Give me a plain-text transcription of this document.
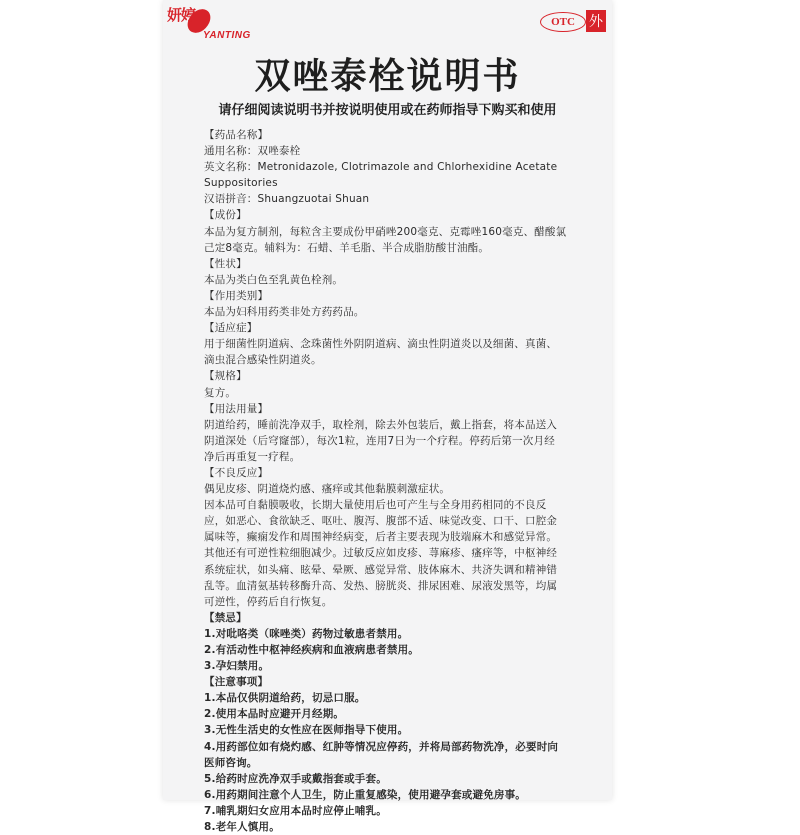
妍婷
YANTING
OTC	外
双唑泰栓说明书
请仔细阅读说明书并按说明使用或在药师指导下购买和使用
【药品名称】
通用名称：双唑泰栓
英文名称：Metronidazole, Clotrimazole and Chlorhexidine Acetate
Suppositories
汉语拼音：Shuangzuotai Shuan
【成份】
本品为复方制剂，每粒含主要成份甲硝唑200毫克、克霉唑160毫克、醋酸氯
己定8毫克。辅料为：石蜡、羊毛脂、半合成脂肪酸甘油酯。
【性状】
本品为类白色至乳黄色栓剂。
【作用类别】
本品为妇科用药类非处方药药品。
【适应症】
用于细菌性阴道病、念珠菌性外阴阴道病、滴虫性阴道炎以及细菌、真菌、
滴虫混合感染性阴道炎。
【规格】
复方。
【用法用量】
阴道给药，睡前洗净双手，取栓剂，除去外包装后，戴上指套，将本品送入
阴道深处（后穹窿部），每次1粒，连用7日为一个疗程。停药后第一次月经
净后再重复一疗程。
【不良反应】
偶见皮疹、阴道烧灼感、瘙痒或其他黏膜刺激症状。
因本品可自黏膜吸收，长期大量使用后也可产生与全身用药相同的不良反
应，如恶心、食欲缺乏、呕吐、腹泻、腹部不适、味觉改变、口干、口腔金
属味等，癫痫发作和周围神经病变，后者主要表现为肢端麻木和感觉异常。
其他还有可逆性粒细胞减少。过敏反应如皮疹、荨麻疹、瘙痒等，中枢神经
系统症状，如头痛、眩晕、晕厥、感觉异常、肢体麻木、共济失调和精神错
乱等。血清氨基转移酶升高、发热、膀胱炎、排尿困难、尿液发黑等，均属
可逆性，停药后自行恢复。
【禁忌】
1.对吡咯类（咪唑类）药物过敏患者禁用。
2.有活动性中枢神经疾病和血液病患者禁用。
3.孕妇禁用。
【注意事项】
1.本品仅供阴道给药，切忌口服。
2.使用本品时应避开月经期。
3.无性生活史的女性应在医师指导下使用。
4.用药部位如有烧灼感、红肿等情况应停药，并将局部药物洗净，必要时向
医师咨询。
5.给药时应洗净双手或戴指套或手套。
6.用药期间注意个人卫生，防止重复感染，使用避孕套或避免房事。
7.哺乳期妇女应用本品时应停止哺乳。
8.老年人慎用。
